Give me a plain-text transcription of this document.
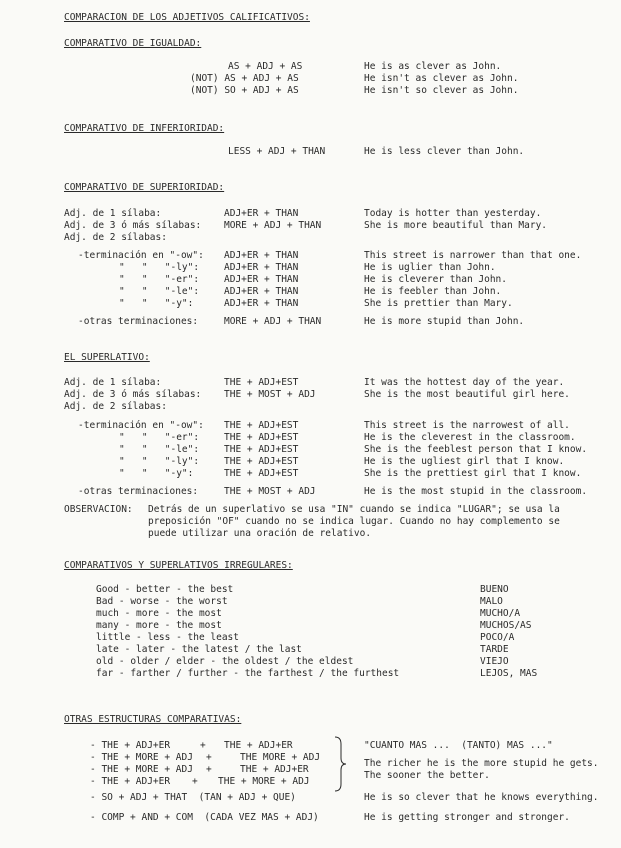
COMPARACION DE LOS ADJETIVOS CALIFICATIVOS:
COMPARATIVO DE IGUALDAD:
AS + ADJ + AS	He is as clever as John.
(NOT) AS + ADJ + AS	He isn't as clever as John.
(NOT) SO + ADJ + AS	He isn't so clever as John.
COMPARATIVO DE INFERIORIDAD:
LESS + ADJ + THAN	He is less clever than John.
COMPARATIVO DE SUPERIORIDAD:
Adj. de 1 sílaba:	ADJ+ER + THAN	Today is hotter than yesterday.
Adj. de 3 ó más sílabas: MORE + ADJ + THAN	She is more beautiful than Mary.
Adj. de 2 sílabas:
-terminación en "-ow": ADJ+ER + THAN	This street is narrower than that one.
"   "   "-ly":	ADJ+ER + THAN	He is uglier than John.
"   "   "-er":	ADJ+ER + THAN	He is cleverer than John.
"   "   "-le":	ADJ+ER + THAN	He is feebler than John.
"   "   "-y":	ADJ+ER + THAN	She is prettier than Mary.
-otras terminaciones:	MORE + ADJ + THAN	He is more stupid than John.
EL SUPERLATIVO:
Adj. de 1 sílaba:	THE + ADJ+EST	It was the hottest day of the year.
Adj. de 3 ó más sílabas: THE + MOST + ADJ	She is the most beautiful girl here.
Adj. de 2 sílabas:
-terminación en "-ow": THE + ADJ+EST	This street is the narrowest of all.
"   "   "-er":	THE + ADJ+EST	He is the cleverest in the classroom.
"   "   "-le":	THE + ADJ+EST	She is the feeblest person that I know.
"   "   "-ly":	THE + ADJ+EST	He is the ugliest girl that I know.
"   "   "-y":	THE + ADJ+EST	She is the prettiest girl that I know.
-otras terminaciones:	THE + MOST + ADJ	He is the most stupid in the classroom.
OBSERVACION: Detrás de un superlativo se usa "IN" cuando se indica "LUGAR"; se usa la
preposición "OF" cuando no se indica lugar. Cuando no hay complemento se
puede utilizar una oración de relativo.
COMPARATIVOS Y SUPERLATIVOS IRREGULARES:
Good - better - the best	BUENO
Bad - worse - the worst	MALO
much - more - the most	MUCHO/A
many - more - the most	MUCHOS/AS
little - less - the least	POCO/A
late - later - the latest / the last	TARDE
old - older / elder - the oldest / the eldest	VIEJO
far - farther / further - the farthest / the furthest	LEJOS, MAS
OTRAS ESTRUCTURAS COMPARATIVAS:
- THE + ADJ+ER	+ THE + ADJ+ER
- THE + MORE + ADJ +	THE MORE + ADJ
- THE + MORE + ADJ +	THE + ADJ+ER
- THE + ADJ+ER + THE + MORE + ADJ
"CUANTO MAS ...  (TANTO) MAS ..."
The richer he is the more stupid he gets.
The sooner the better.
- SO + ADJ + THAT  (TAN + ADJ + QUE)	He is so clever that he knows everything.
- COMP + AND + COM  (CADA VEZ MAS + ADJ)	He is getting stronger and stronger.
